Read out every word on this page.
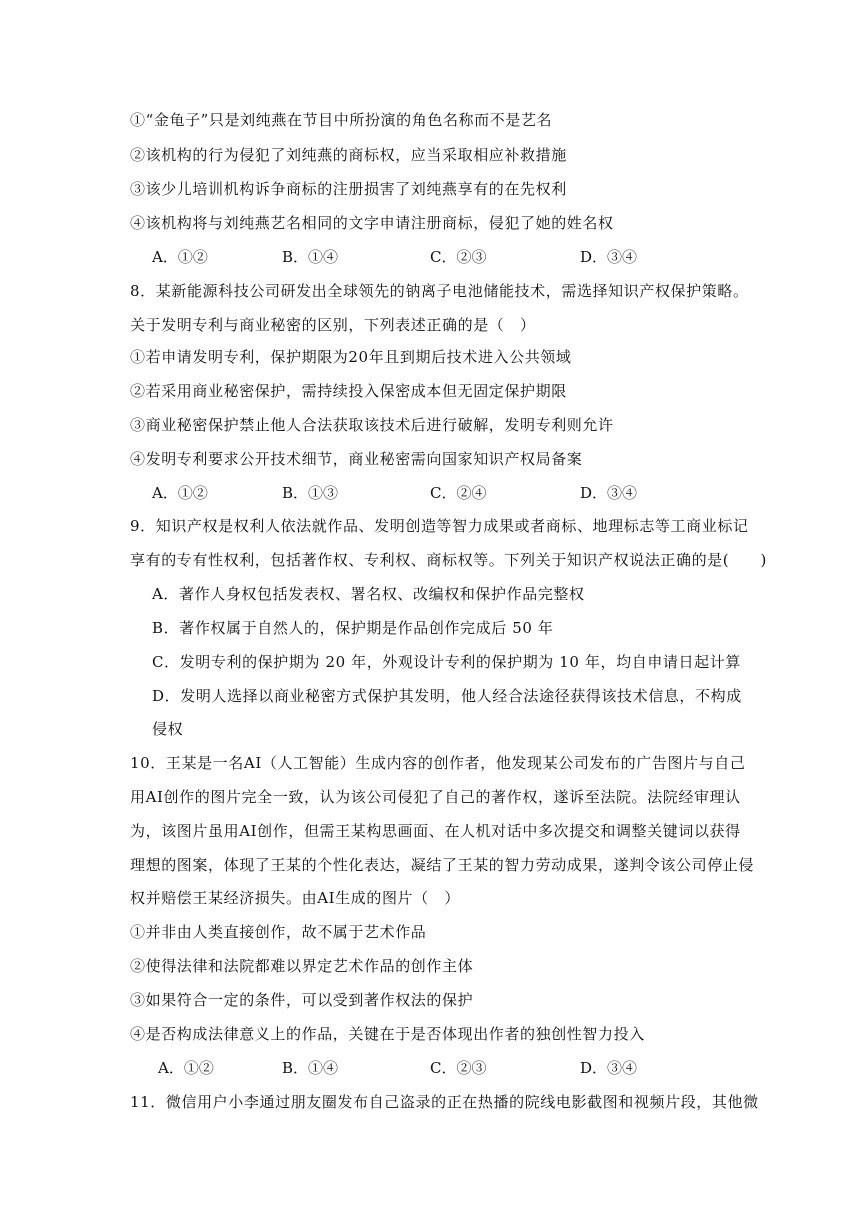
①“金龟子”只是刘纯燕在节目中所扮演的角色名称而不是艺名
②该机构的行为侵犯了刘纯燕的商标权，应当采取相应补救措施
③该少儿培训机构诉争商标的注册损害了刘纯燕享有的在先权利
④该机构将与刘纯燕艺名相同的文字申请注册商标，侵犯了她的姓名权
A．①②	B．①④	C．②③	D．③④
8．某新能源科技公司研发出全球领先的钠离子电池储能技术，需选择知识产权保护策略。
关于发明专利与商业秘密的区别，下列表述正确的是（　）
①若申请发明专利，保护期限为20年且到期后技术进入公共领域
②若采用商业秘密保护，需持续投入保密成本但无固定保护期限
③商业秘密保护禁止他人合法获取该技术后进行破解，发明专利则允许
④发明专利要求公开技术细节，商业秘密需向国家知识产权局备案
A．①②	B．①③	C．②④	D．③④
9．知识产权是权利人依法就作品、发明创造等智力成果或者商标、地理标志等工商业标记
享有的专有性权利，包括著作权、专利权、商标权等。下列关于知识产权说法正确的是(　　)
A．著作人身权包括发表权、署名权、改编权和保护作品完整权
B．著作权属于自然人的，保护期是作品创作完成后 50 年
C．发明专利的保护期为 20 年，外观设计专利的保护期为 10 年，均自申请日起计算
D．发明人选择以商业秘密方式保护其发明，他人经合法途径获得该技术信息，不构成
侵权
10．王某是一名AI（人工智能）生成内容的创作者，他发现某公司发布的广告图片与自己
用AI创作的图片完全一致，认为该公司侵犯了自己的著作权，遂诉至法院。法院经审理认
为，该图片虽用AI创作，但需王某构思画面、在人机对话中多次提交和调整关键词以获得
理想的图案，体现了王某的个性化表达，凝结了王某的智力劳动成果，遂判令该公司停止侵
权并赔偿王某经济损失。由AI生成的图片（　）
①并非由人类直接创作，故不属于艺术作品
②使得法律和法院都难以界定艺术作品的创作主体
③如果符合一定的条件，可以受到著作权法的保护
④是否构成法律意义上的作品，关键在于是否体现出作者的独创性智力投入
A．①②	B．①④	C．②③	D．③④
11．微信用户小李通过朋友圈发布自己盗录的正在热播的院线电影截图和视频片段，其他微
